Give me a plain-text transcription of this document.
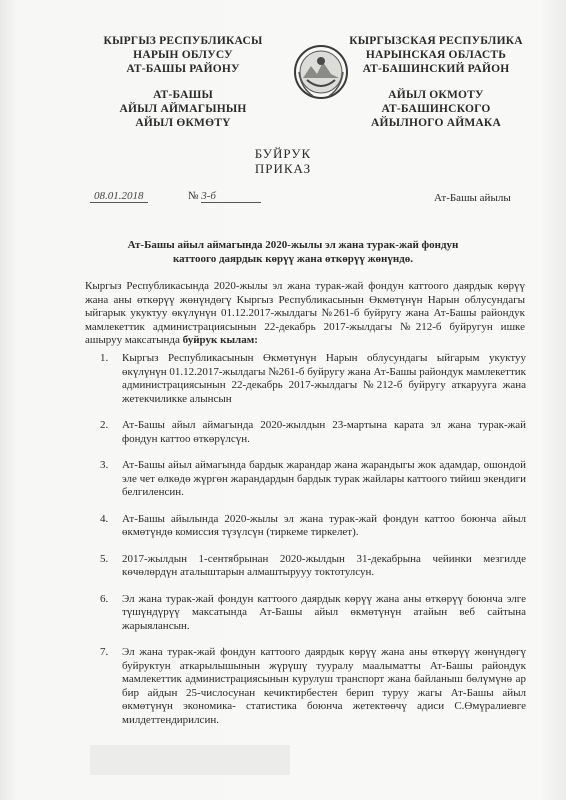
КЫРГЫЗ РЕСПУБЛИКАСЫ
НАРЫН ОБЛУСУ
АТ-БАШЫ РАЙОНУ
АТ-БАШЫ
АЙЫЛ АЙМАГЫНЫН
АЙЫЛ ӨКМӨТҮ
КЫРГЫЗСКАЯ РЕСПУБЛИКА
НАРЫНСКАЯ ОБЛАСТЬ
АТ-БАШИНСКИЙ РАЙОН
АЙЫЛ ОКМОТУ
АТ-БАШИНСКОГО
АЙЫЛНОГО АЙМАКА
БУЙРУК
ПРИКАЗ
08.01.2018	№ 3-б	Ат-Башы айылы
Ат-Башы айыл аймагында 2020-жылы эл жана турак-жай фондун каттоого даярдык көрүү жана өткөрүү жөнүндө.
Кыргыз Республикасында 2020-жылы эл жана турак-жай фондун каттоого даярдык көрүү жана аны өткөрүү жөнүндөгү Кыргыз Республикасынын Өкмөтүнүн Нарын облусундагы ыйгарык укуктуу өкүлүнүн 01.12.2017-жылдагы №261-б буйругу жана Ат-Башы райондук мамлекеттик администрациясынын 22-декабрь 2017-жылдагы №212-б буйругун ишке ашыруу максатында буйрук кылам:
1. Кыргыз Республикасынын Өкмөтүнүн Нарын облусундагы ыйгарым укуктуу өкүлүнүн 01.12.2017-жылдагы №261-б буйругу жана Ат-Башы райондук мамлекеттик администрациясынын 22-декабрь 2017-жылдагы №212-б буйругу аткарууга жана жетекчиликке алынсын
2. Ат-Башы айыл аймагында 2020-жылдын 23-мартына карата эл жана турак-жай фондун каттоо өткөрүлсүн.
3. Ат-Башы айыл аймагында бардык жарандар жана жарандыгы жок адамдар, ошондой эле чет өлкөдө жүргөн жарандардын бардык турак жайлары каттоого тийиш экендиги белгиленсин.
4. Ат-Башы айылында 2020-жылы эл жана турак-жай фондун каттоо боюнча айыл өкмөтүндө комиссия түзүлсүн (тиркеме тиркелет).
5. 2017-жылдын 1-сентябрынан 2020-жылдын 31-декабрына чейинки мезгилде көчөлөрдүн аталыштарын алмаштырууу токтотулсун.
6. Эл жана турак-жай фондун каттоого даярдык көрүү жана аны өткөрүү боюнча элге түшүндүрүү максатында Ат-Башы айыл өкмөтүнүн атайын веб сайтына жарыялансын.
7. Эл жана турак-жай фондун каттоого даярдык көрүү жана аны өткөрүү жөнүндөгү буйруктун аткарылышынын жүрүшү тууралу маалыматты Ат-Башы райондук мамлекеттик администрациясынын курулуш транспорт жана байланыш бөлүмүнө ар бир айдын 25-числосунан кечиктирбестен берип туруу жагы Ат-Башы айыл өкмөтүнүн экономика- статистика боюнча жетектөөчү адиси С.Өмүралиевге милдеттендирилсин.
